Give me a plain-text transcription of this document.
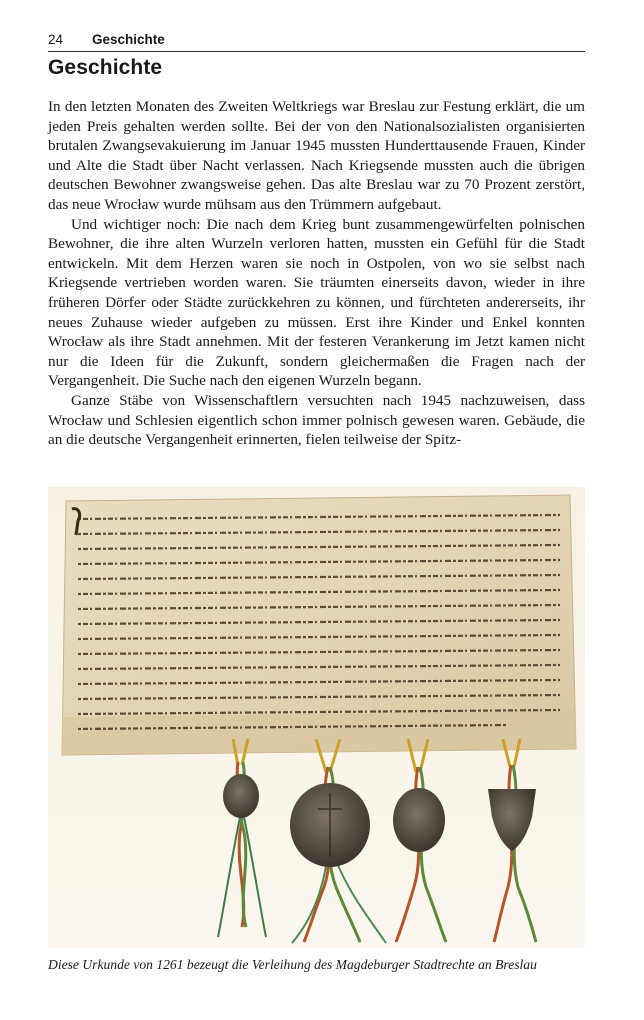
24 Geschichte
Geschichte

In den letzten Monaten des Zweiten Weltkriegs war Breslau zur Festung erklärt, die um jeden Preis gehalten werden sollte. Bei der von den Nationalsozialisten organisierten brutalen Zwangsevakuierung im Januar 1945 mussten Hunderttausende Frauen, Kinder und Alte die Stadt über Nacht verlassen. Nach Kriegsende mussten auch die übrigen deutschen Bewohner zwangsweise gehen. Das alte Breslau war zu 70 Prozent zerstört, das neue Wrocław wurde mühsam aus den Trümmern aufgebaut.

Und wichtiger noch: Die nach dem Krieg bunt zusammengewürfelten polnischen Bewohner, die ihre alten Wurzeln verloren hatten, mussten ein Gefühl für die Stadt entwickeln. Mit dem Herzen waren sie noch in Ostpolen, von wo sie selbst nach Kriegsende vertrieben worden waren. Sie träumten einerseits davon, wieder in ihre früheren Dörfer oder Städte zurückkehren zu können, und fürchteten andererseits, ihr neues Zuhause wieder aufgeben zu müssen. Erst ihre Kinder und Enkel konnten Wrocław als ihre Stadt annehmen. Mit der festeren Verankerung im Jetzt kamen nicht nur die Ideen für die Zukunft, sondern gleichermaßen die Fragen nach der Vergangenheit. Die Suche nach den eigenen Wurzeln begann.

Ganze Stäbe von Wissenschaftlern versuchten nach 1945 nachzuweisen, dass Wrocław und Schlesien eigentlich schon immer polnisch gewesen waren. Gebäude, die an die deutsche Vergangenheit erinnerten, fielen teilweise der Spitz-

Diese Urkunde von 1261 bezeugt die Verleihung des Magdeburger Stadtrechte an Breslau
